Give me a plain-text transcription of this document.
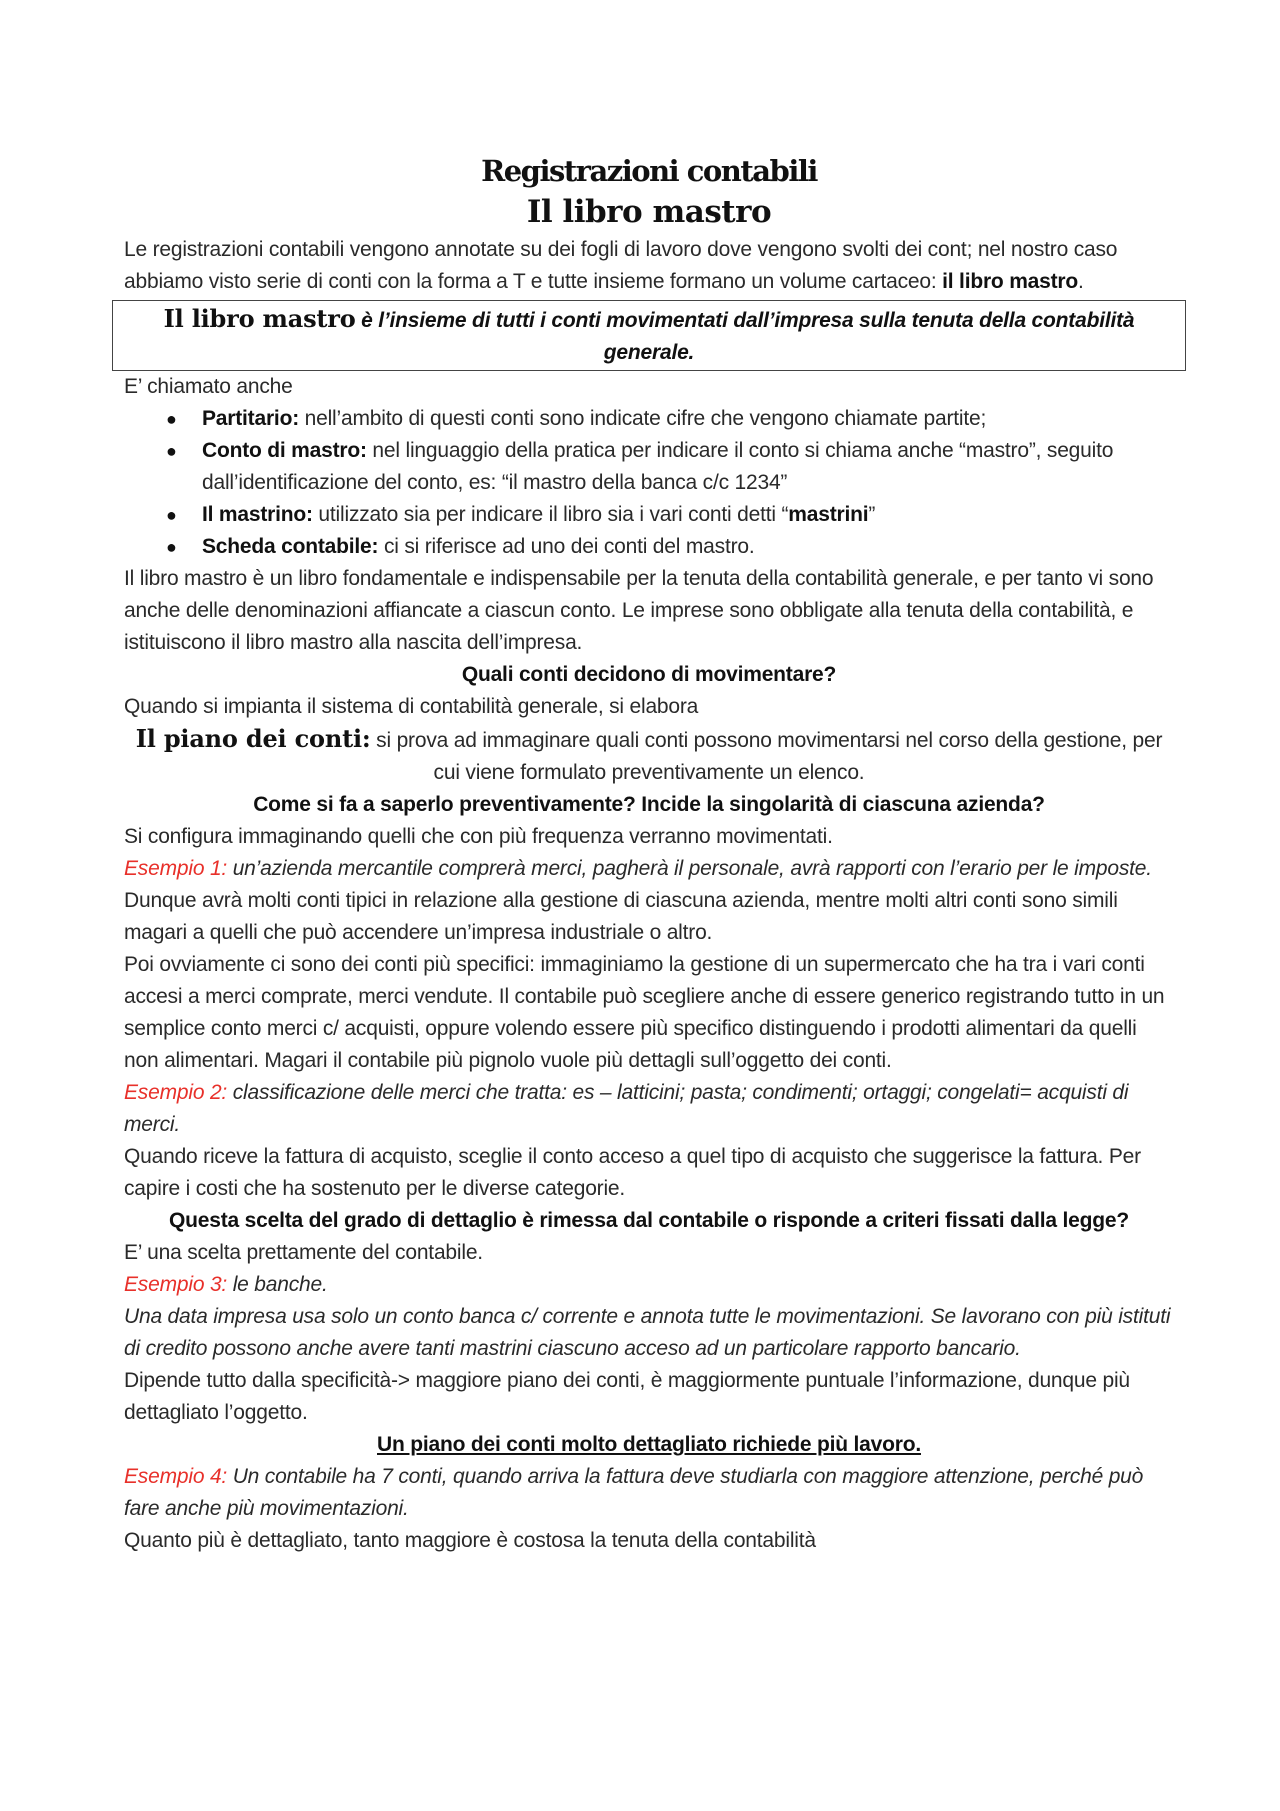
Registrazioni contabili
Il libro mastro

Le registrazioni contabili vengono annotate su dei fogli di lavoro dove vengono svolti dei cont; nel nostro caso abbiamo visto serie di conti con la forma a T e tutte insieme formano un volume cartaceo: il libro mastro.

Il libro mastro è l’insieme di tutti i conti movimentati dall’impresa sulla tenuta della contabilità generale.

E’ chiamato anche

● Partitario: nell’ambito di questi conti sono indicate cifre che vengono chiamate partite;
● Conto di mastro: nel linguaggio della pratica per indicare il conto si chiama anche “mastro”, seguito dall’identificazione del conto, es: “il mastro della banca c/c 1234”
● Il mastrino: utilizzato sia per indicare il libro sia i vari conti detti “mastrini”
● Scheda contabile: ci si riferisce ad uno dei conti del mastro.

Il libro mastro è un libro fondamentale e indispensabile per la tenuta della contabilità generale, e per tanto vi sono anche delle denominazioni affiancate a ciascun conto. Le imprese sono obbligate alla tenuta della contabilità, e istituiscono il libro mastro alla nascita dell’impresa.

Quali conti decidono di movimentare?

Quando si impianta il sistema di contabilità generale, si elabora

Il piano dei conti: si prova ad immaginare quali conti possono movimentarsi nel corso della gestione, per cui viene formulato preventivamente un elenco.

Come si fa a saperlo preventivamente? Incide la singolarità di ciascuna azienda?

Si configura immaginando quelli che con più frequenza verranno movimentati.

Esempio 1: un’azienda mercantile comprerà merci, pagherà il personale, avrà rapporti con l’erario per le imposte.

Dunque avrà molti conti tipici in relazione alla gestione di ciascuna azienda, mentre molti altri conti sono simili magari a quelli che può accendere un’impresa industriale o altro.

Poi ovviamente ci sono dei conti più specifici: immaginiamo la gestione di un supermercato che ha tra i vari conti accesi a merci comprate, merci vendute. Il contabile può scegliere anche di essere generico registrando tutto in un semplice conto merci c/ acquisti, oppure volendo essere più specifico distinguendo i prodotti alimentari da quelli non alimentari. Magari il contabile più pignolo vuole più dettagli sull’oggetto dei conti.

Esempio 2: classificazione delle merci che tratta: es – latticini; pasta; condimenti; ortaggi; congelati= acquisti di merci.

Quando riceve la fattura di acquisto, sceglie il conto acceso a quel tipo di acquisto che suggerisce la fattura. Per capire i costi che ha sostenuto per le diverse categorie.

Questa scelta del grado di dettaglio è rimessa dal contabile o risponde a criteri fissati dalla legge?

E’ una scelta prettamente del contabile.

Esempio 3: le banche.

Una data impresa usa solo un conto banca c/ corrente e annota tutte le movimentazioni. Se lavorano con più istituti di credito possono anche avere tanti mastrini ciascuno acceso ad un particolare rapporto bancario.

Dipende tutto dalla specificità-> maggiore piano dei conti, è maggiormente puntuale l’informazione, dunque più dettagliato l’oggetto.

Un piano dei conti molto dettagliato richiede più lavoro.

Esempio 4: Un contabile ha 7 conti, quando arriva la fattura deve studiarla con maggiore attenzione, perché può fare anche più movimentazioni.

Quanto più è dettagliato, tanto maggiore è costosa la tenuta della contabilità
